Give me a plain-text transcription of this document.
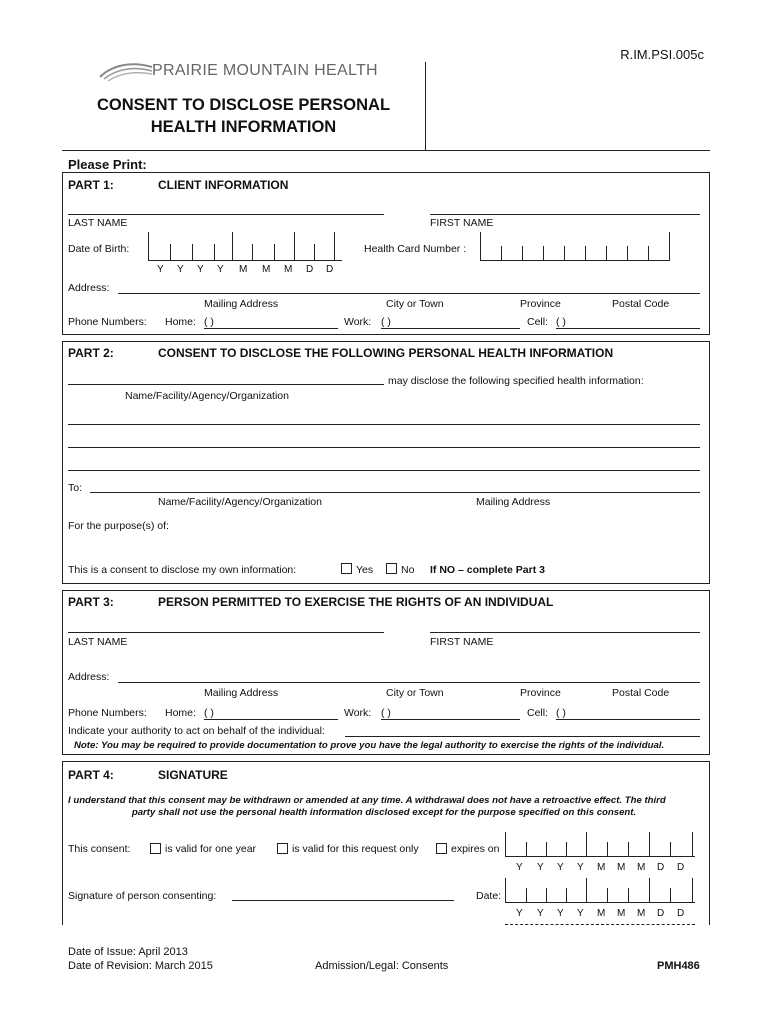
R.IM.PSI.005c
PRAIRIE MOUNTAIN HEALTH
CONSENT TO DISCLOSE PERSONAL
HEALTH INFORMATION
Please Print:
PART 1:	CLIENT INFORMATION
LAST NAME	FIRST NAME
Date of Birth:
Y Y Y Y M M M D D
Health Card Number :
Address:
Mailing Address	City or Town	Province	Postal Code
Phone Numbers: Home: ( )	Work: ( )	Cell: ( )
PART 2:	CONSENT TO DISCLOSE THE FOLLOWING PERSONAL HEALTH INFORMATION
may disclose the following specified health information:
Name/Facility/Agency/Organization
To:
Name/Facility/Agency/Organization	Mailing Address
For the purpose(s) of:
This is a consent to disclose my own information:	Yes	No If NO – complete Part 3
PART 3:	PERSON PERMITTED TO EXERCISE THE RIGHTS OF AN INDIVIDUAL
LAST NAME	FIRST NAME
Address:
Mailing Address	City or Town	Province	Postal Code
Phone Numbers: Home: ( )	Work: ( )	Cell: ( )
Indicate your authority to act on behalf of the individual:
Note: You may be required to provide documentation to prove you have the legal authority to exercise the rights of the individual.
PART 4:	SIGNATURE
I understand that this consent may be withdrawn or amended at any time. A withdrawal does not have a retroactive effect. The third
party shall not use the personal health information disclosed except for the purpose specified on this consent.
This consent:	is valid for one year	is valid for this request only	expires on
Y Y Y Y M M M D D
Signature of person consenting:	Date:
Y Y Y Y M M M D D
Date of Issue: April 2013
Date of Revision: March 2015	Admission/Legal: Consents	PMH486
